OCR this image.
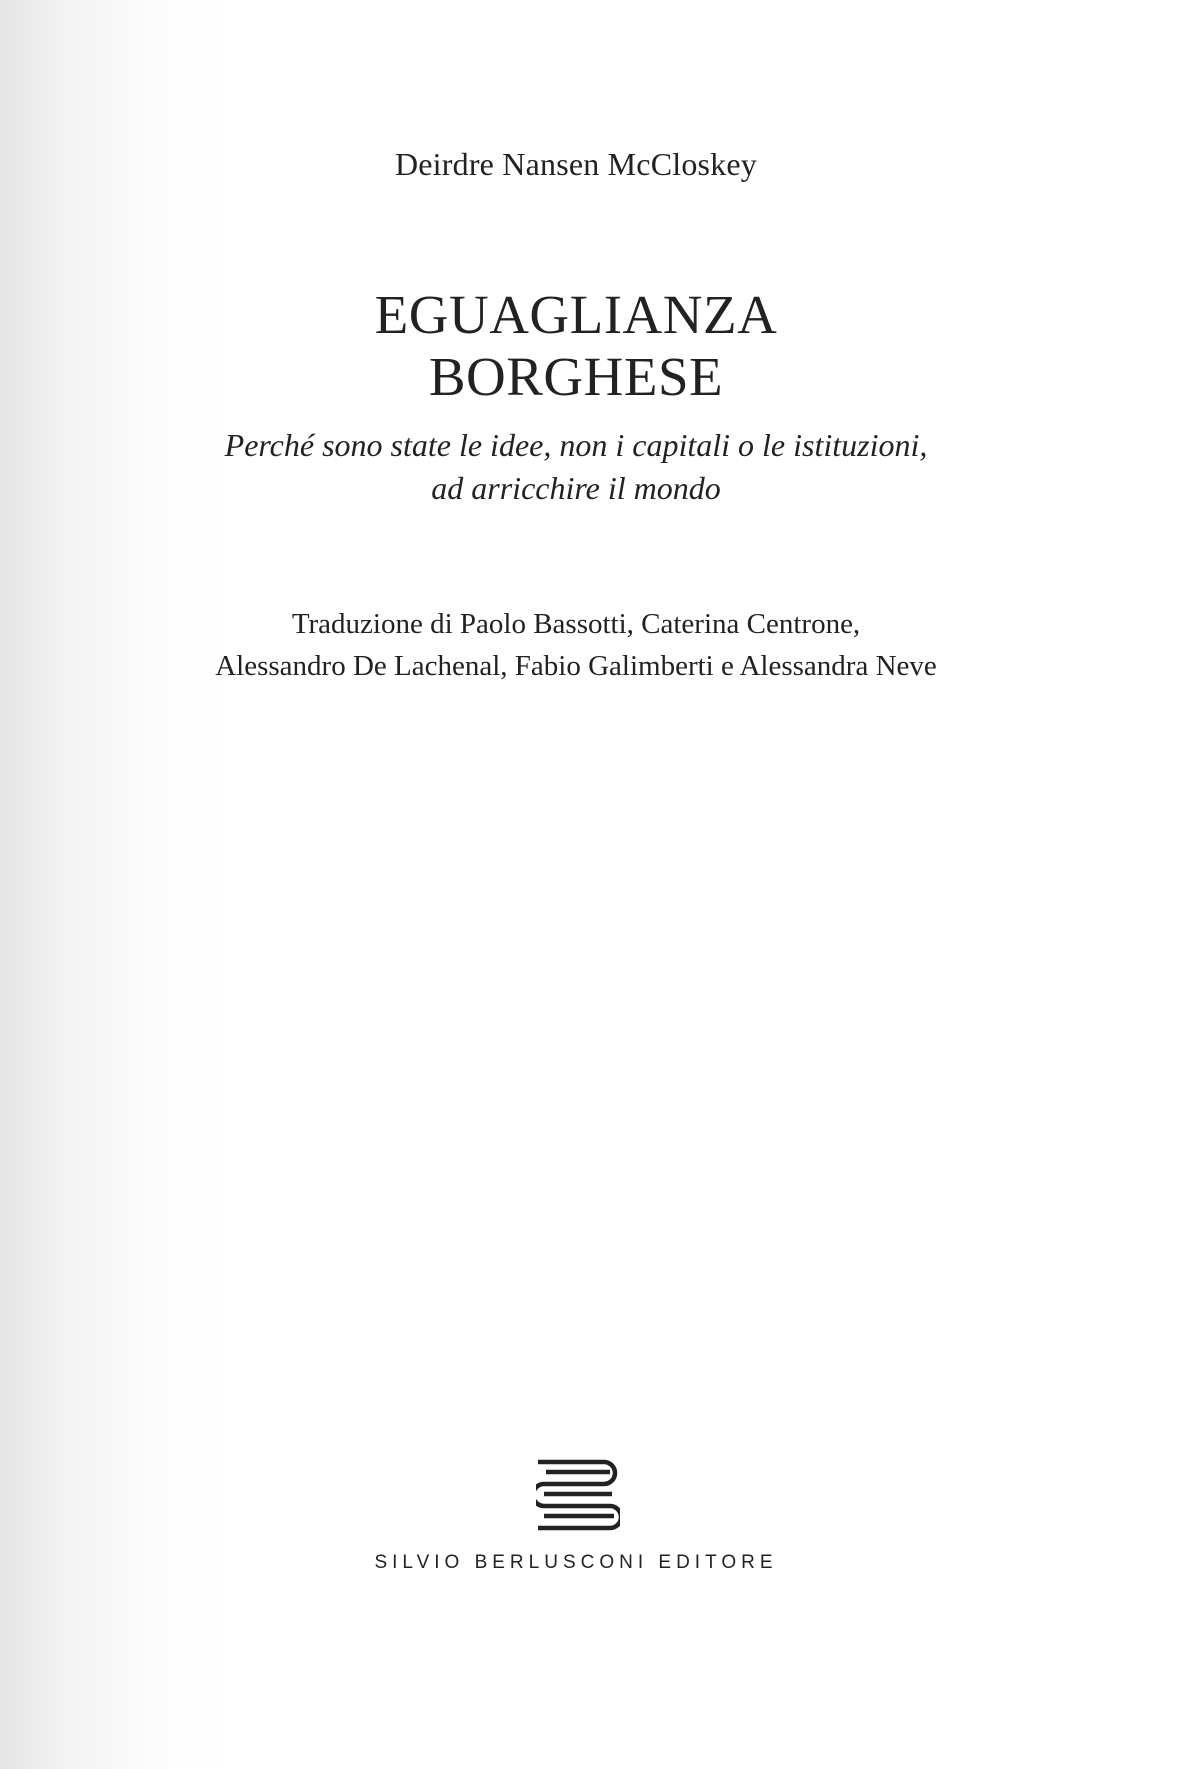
Deirdre Nansen McCloskey
EGUAGLIANZA
BORGHESE
Perché sono state le idee, non i capitali o le istituzioni,
ad arricchire il mondo
Traduzione di Paolo Bassotti, Caterina Centrone,
Alessandro De Lachenal, Fabio Galimberti e Alessandra Neve
SILVIO BERLUSCONI EDITORE
